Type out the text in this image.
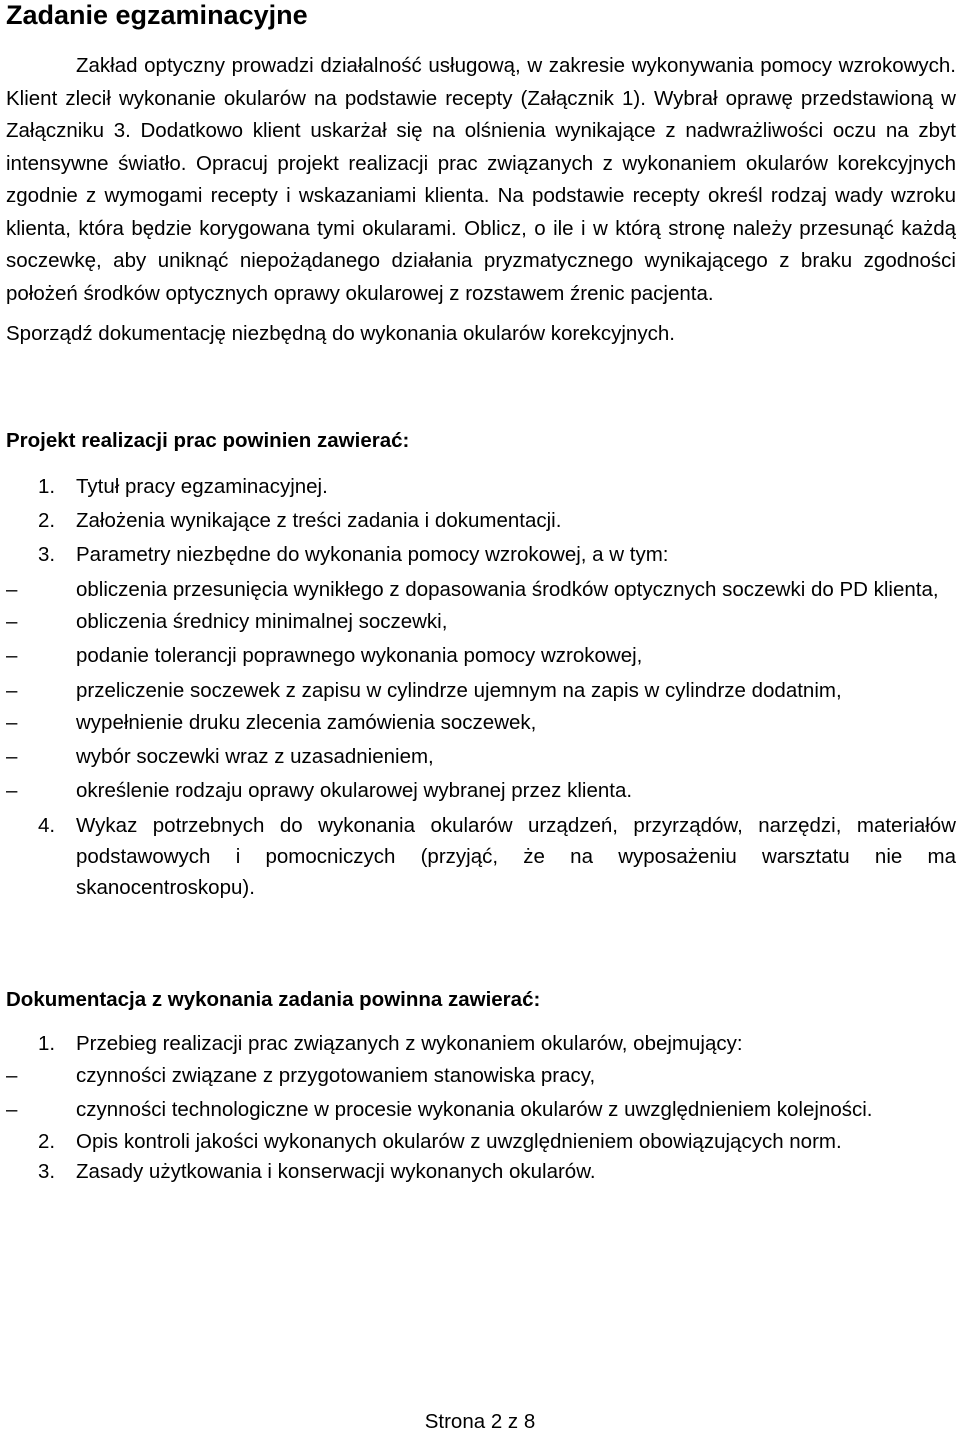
Zadanie egzaminacyjne

Zakład optyczny prowadzi działalność usługową, w zakresie wykonywania pomocy wzrokowych. Klient zlecił wykonanie okularów na podstawie recepty (Załącznik 1). Wybrał oprawę przedstawioną w Załączniku 3. Dodatkowo klient uskarżał się na olśnienia wynikające z nadwrażliwości oczu na zbyt intensywne światło. Opracuj projekt realizacji prac związanych z wykonaniem okularów korekcyjnych zgodnie z wymogami recepty i wskazaniami klienta. Na podstawie recepty określ rodzaj wady wzroku klienta, która będzie korygowana tymi okularami. Oblicz, o ile i w którą stronę należy przesunąć każdą soczewkę, aby uniknąć niepożądanego działania pryzmatycznego wynikającego z braku zgodności położeń środków optycznych oprawy okularowej z rozstawem źrenic pacjenta.

Sporządź dokumentację niezbędną do wykonania okularów korekcyjnych.

Projekt realizacji prac powinien zawierać:
1. Tytuł pracy egzaminacyjnej.
2. Założenia wynikające z treści zadania i dokumentacji.
3. Parametry niezbędne do wykonania pomocy wzrokowej, a w tym:
–	obliczenia przesunięcia wynikłego z dopasowania środków optycznych soczewki do PD klienta,
–	obliczenia średnicy minimalnej soczewki,
–	podanie tolerancji poprawnego wykonania pomocy wzrokowej,
–	przeliczenie soczewek z zapisu w cylindrze ujemnym na zapis w cylindrze dodatnim,
–	wypełnienie druku zlecenia zamówienia soczewek,
–	wybór soczewki wraz z uzasadnieniem,
–	określenie rodzaju oprawy okularowej wybranej przez klienta.
4. Wykaz potrzebnych do wykonania okularów urządzeń, przyrządów, narzędzi, materiałów podstawowych i pomocniczych (przyjąć, że na wyposażeniu warsztatu nie ma skanocentroskopu).
Dokumentacja z wykonania zadania powinna zawierać:
1. Przebieg realizacji prac związanych z wykonaniem okularów, obejmujący:
–	czynności związane z przygotowaniem stanowiska pracy,
–	czynności technologiczne w procesie wykonania okularów z uwzględnieniem kolejności.
2. Opis kontroli jakości wykonanych okularów z uwzględnieniem obowiązujących norm.
3. Zasady użytkowania i konserwacji wykonanych okularów.
Strona 2 z 8
